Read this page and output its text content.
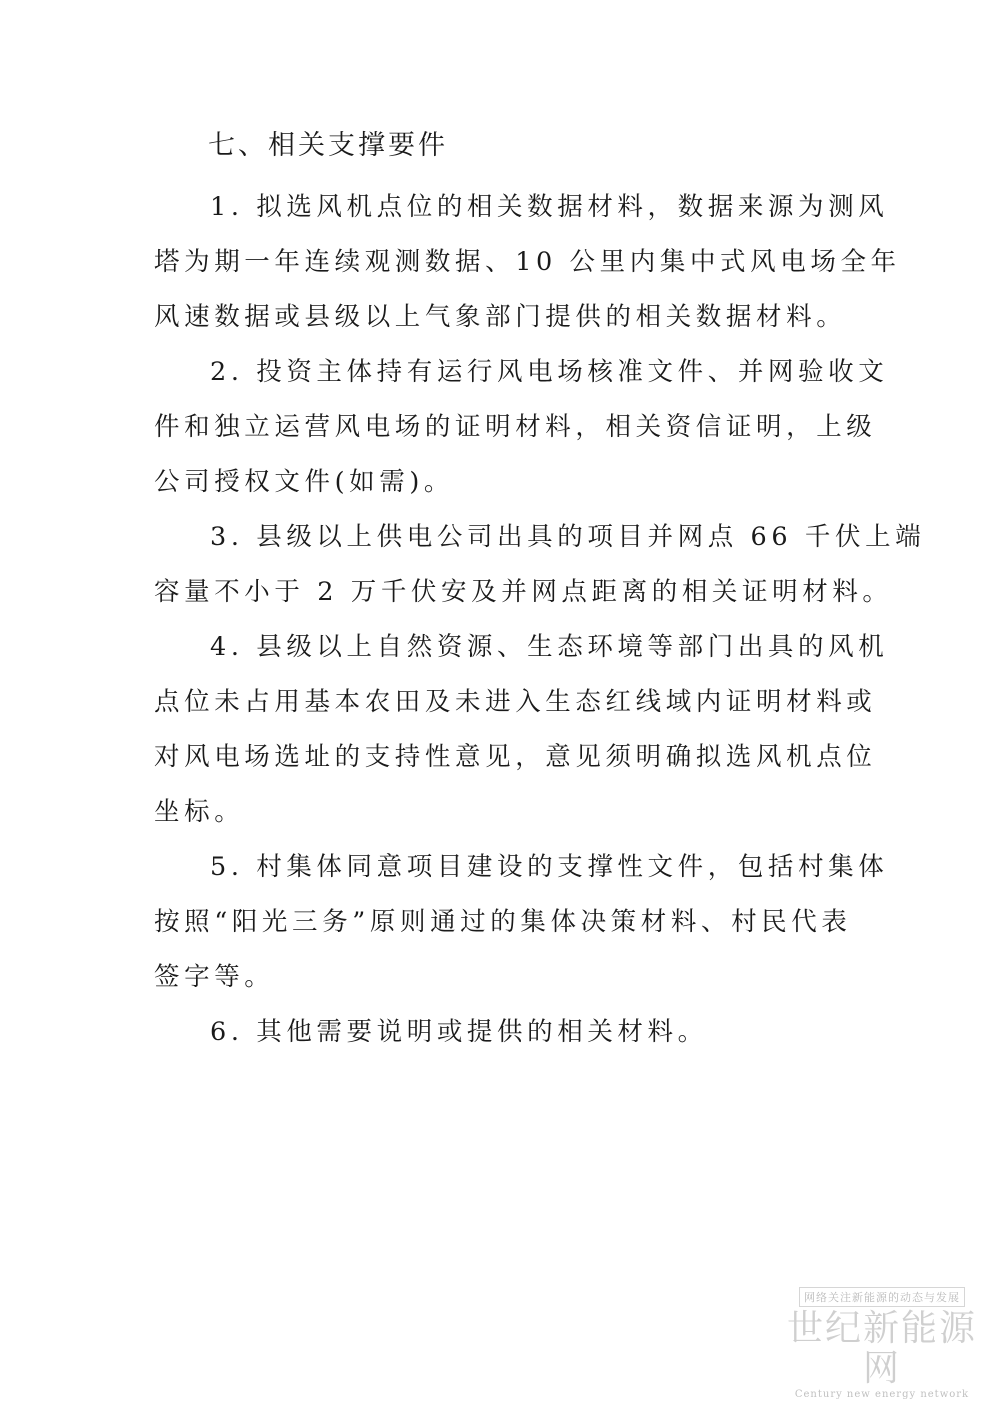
七、相关支撑要件

1. 拟选风机点位的相关数据材料，数据来源为测风
塔为期一年连续观测数据、10 公里内集中式风电场全年
风速数据或县级以上气象部门提供的相关数据材料。

2. 投资主体持有运行风电场核准文件、并网验收文
件和独立运营风电场的证明材料，相关资信证明，上级
公司授权文件(如需)。

3. 县级以上供电公司出具的项目并网点 66 千伏上端
容量不小于 2 万千伏安及并网点距离的相关证明材料。

4. 县级以上自然资源、生态环境等部门出具的风机
点位未占用基本农田及未进入生态红线域内证明材料或
对风电场选址的支持性意见，意见须明确拟选风机点位
坐标。

5. 村集体同意项目建设的支撑性文件，包括村集体
按照“阳光三务”原则通过的集体决策材料、村民代表
签字等。

6. 其他需要说明或提供的相关材料。

网络关注新能源的动态与发展
世纪新能源网
Century new energy network
